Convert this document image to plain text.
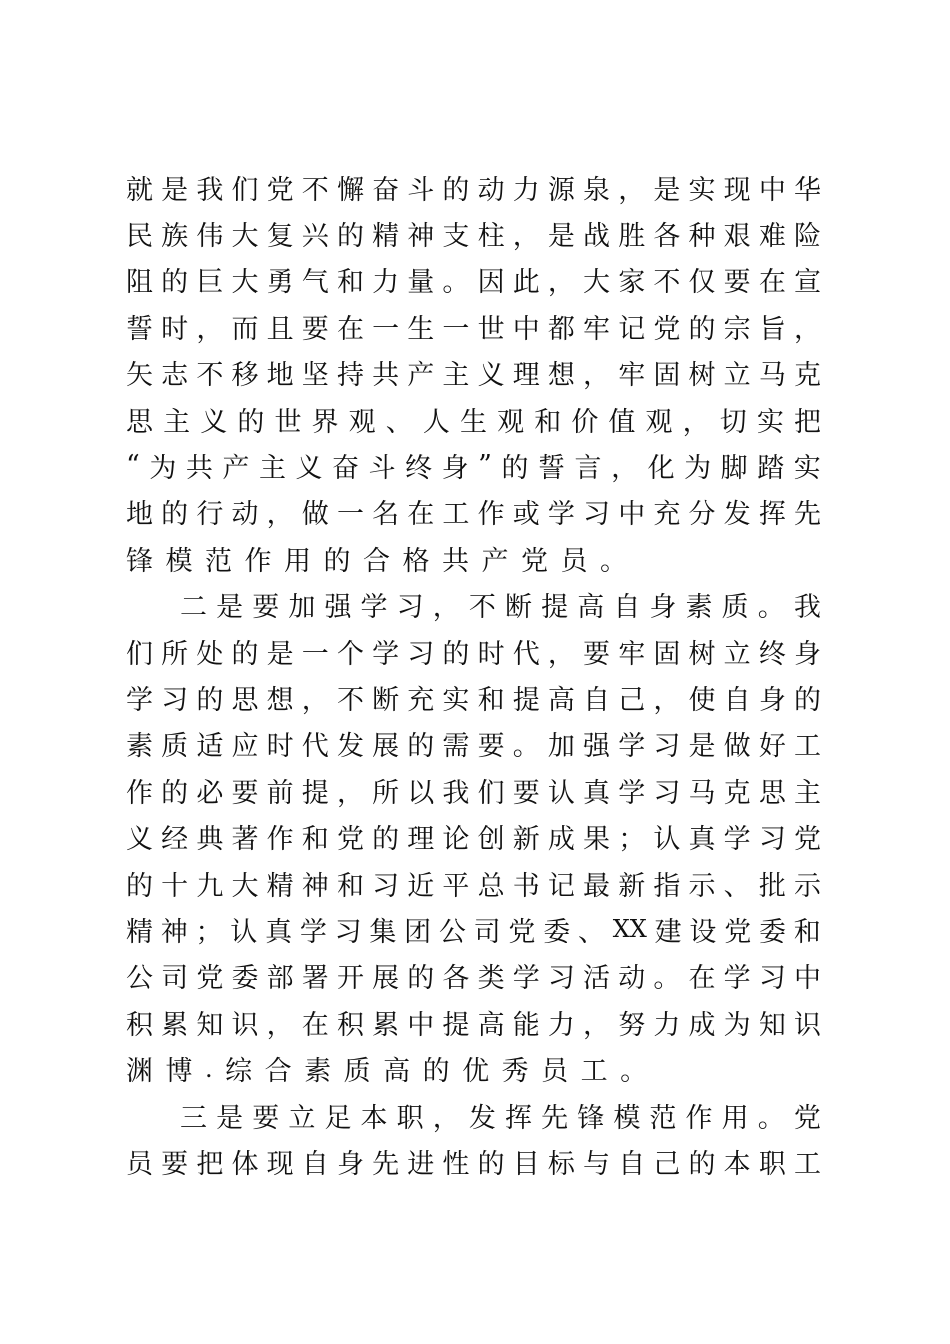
就 是 我 们 党 不 懈 奋 斗 的 动 力 源 泉 ， 是 实 现 中 华
民 族 伟 大 复 兴 的 精 神 支 柱 ， 是 战 胜 各 种 艰 难 险
阻 的 巨 大 勇 气 和 力 量 。 因 此 ， 大 家 不 仅 要 在 宣
誓 时 ， 而 且 要 在 一 生 一 世 中 都 牢 记 党 的 宗 旨 ，
矢 志 不 移 地 坚 持 共 产 主 义 理 想 ， 牢 固 树 立 马 克
思 主 义 的 世 界 观 、 人 生 观 和 价 值 观 ， 切 实 把
“ 为 共 产 主 义 奋 斗 终 身 ” 的 誓 言 ， 化 为 脚 踏 实
地 的 行 动 ， 做 一 名 在 工 作 或 学 习 中 充 分 发 挥 先
锋 模 范 作 用 的 合 格 共 产 党 员 。
二 是 要 加 强 学 习 ， 不 断 提 高 自 身 素 质 。 我
们 所 处 的 是 一 个 学 习 的 时 代 ， 要 牢 固 树 立 终 身
学 习 的 思 想 ， 不 断 充 实 和 提 高 自 己 ， 使 自 身 的
素 质 适 应 时 代 发 展 的 需 要 。 加 强 学 习 是 做 好 工
作 的 必 要 前 提 ， 所 以 我 们 要 认 真 学 习 马 克 思 主
义 经 典 著 作 和 党 的 理 论 创 新 成 果 ； 认 真 学 习 党
的 十 九 大 精 神 和 习 近 平 总 书 记 最 新 指 示 、 批 示
精 神 ； 认 真 学 习 集 团 公 司 党 委 、 XX 建 设 党 委 和
公 司 党 委 部 署 开 展 的 各 类 学 习 活 动 。 在 学 习 中
积 累 知 识 ， 在 积 累 中 提 高 能 力 ， 努 力 成 为 知 识
渊 博 . 综 合 素 质 高 的 优 秀 员 工 。
三 是 要 立 足 本 职 ， 发 挥 先 锋 模 范 作 用 。 党
员 要 把 体 现 自 身 先 进 性 的 目 标 与 自 己 的 本 职 工
